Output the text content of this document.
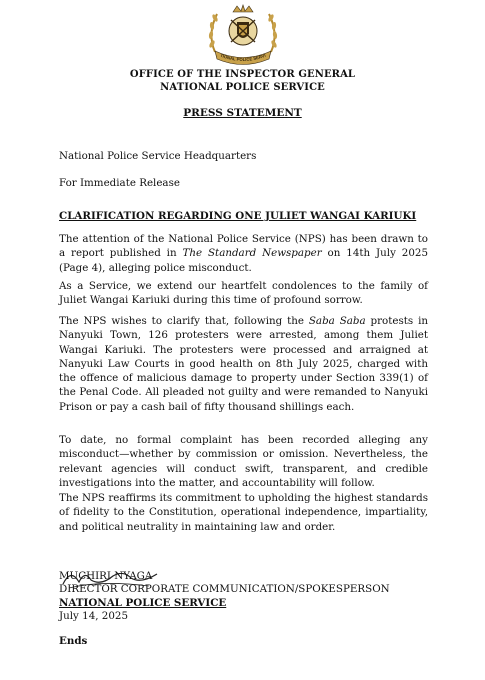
TIONAL POLICE SERVI
OFFICE OF THE INSPECTOR GENERAL
NATIONAL POLICE SERVICE
PRESS STATEMENT
National Police Service Headquarters
For Immediate Release
CLARIFICATION REGARDING ONE JULIET WANGAI KARIUKI
The attention of the National Police Service (NPS) has been drawn to a report published in The Standard Newspaper on 14th July 2025 (Page 4), alleging police misconduct.
As a Service, we extend our heartfelt condolences to the family of Juliet Wangai Kariuki during this time of profound sorrow.
The NPS wishes to clarify that, following the Saba Saba protests in Nanyuki Town, 126 protesters were arrested, among them Juliet Wangai Kariuki. The protesters were processed and arraigned at Nanyuki Law Courts in good health on 8th July 2025, charged with the offence of malicious damage to property under Section 339(1) of the Penal Code. All pleaded not guilty and were remanded to Nanyuki Prison or pay a cash bail of fifty thousand shillings each.
To date, no formal complaint has been recorded alleging any misconduct—whether by commission or omission. Nevertheless, the relevant agencies will conduct swift, transparent, and credible investigations into the matter, and accountability will follow.
The NPS reaffirms its commitment to upholding the highest standards of fidelity to the Constitution, operational independence, impartiality, and political neutrality in maintaining law and order.
MUCHIRI NYAGA
DIRECTOR CORPORATE COMMUNICATION/SPOKESPERSON
NATIONAL POLICE SERVICE
July 14, 2025
Ends
